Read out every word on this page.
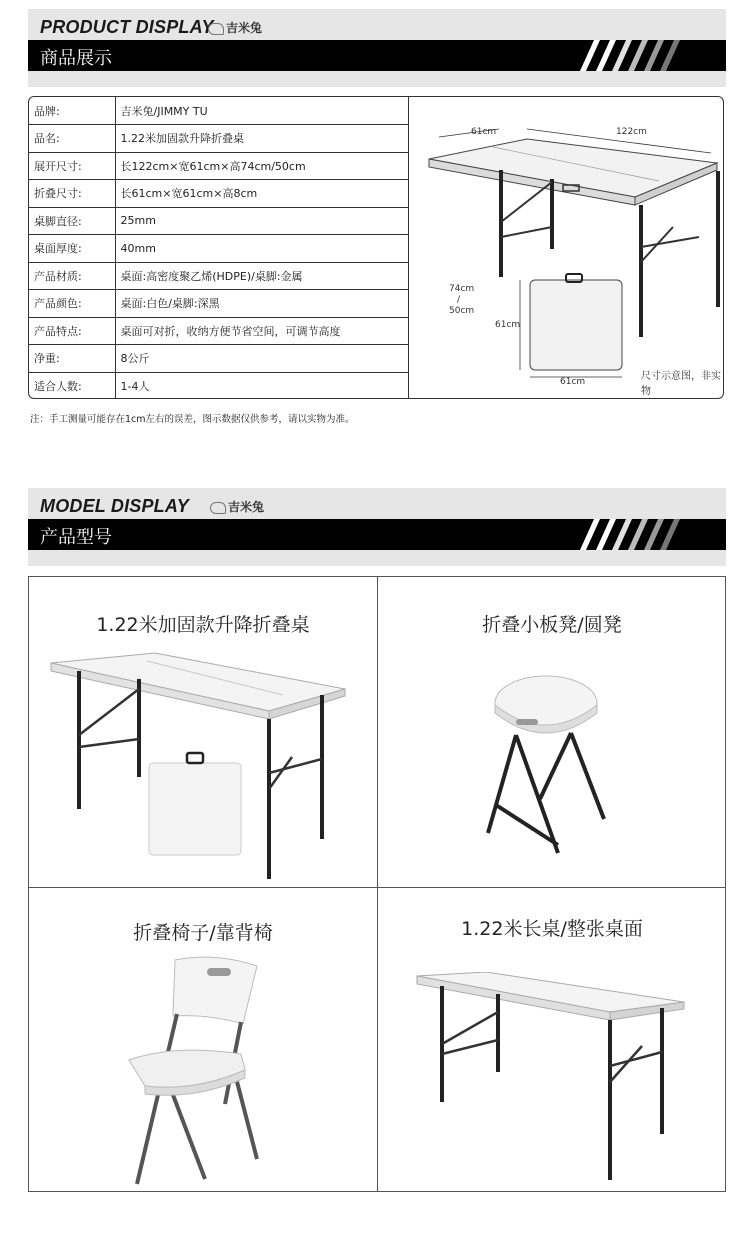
PRODUCT DISPLAY	吉米兔
商品展示
品牌:	吉米兔/JIMMY TU
品名:	1.22米加固款升降折叠桌
展开尺寸:	长122cm×宽61cm×高74cm/50cm
折叠尺寸:	长61cm×宽61cm×高8cm
桌脚直径:	25mm
桌面厚度:	40mm
产品材质:	桌面:高密度聚乙烯(HDPE)/桌脚:金属
产品颜色:	桌面:白色/桌脚:深黑
产品特点:	桌面可对折，收纳方便节省空间，可调节高度
净重:	8公斤
适合人数:	1-4人
61cm	122cm
74cm
/
50cm
61cm
61cm	尺寸示意图，非实物
注：手工测量可能存在1cm左右的误差，图示数据仅供参考，请以实物为准。
MODEL DISPLAY	吉米兔
产品型号
1.22米加固款升降折叠桌	折叠小板凳/圆凳
折叠椅子/靠背椅	1.22米长桌/整张桌面
